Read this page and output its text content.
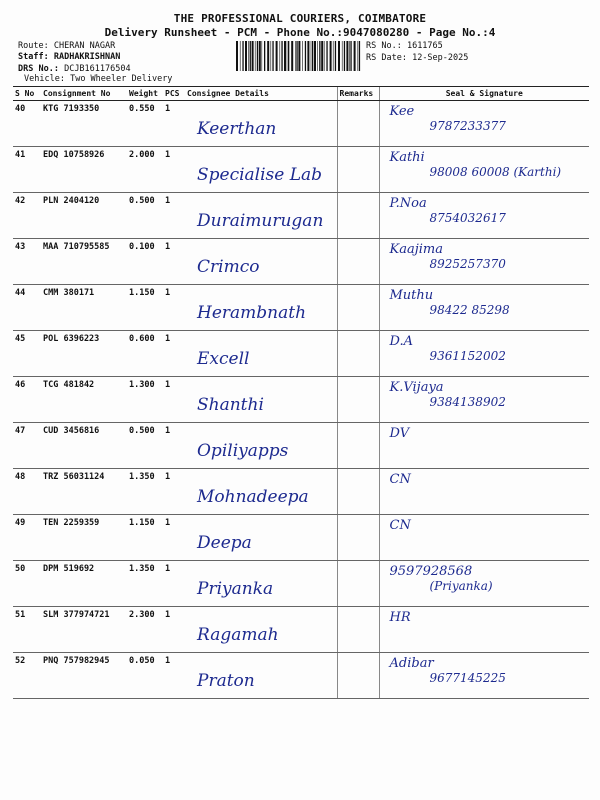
THE PROFESSIONAL COURIERS, COIMBATORE
Delivery Runsheet - PCM - Phone No.:9047080280 - Page No.:4
Route: CHERAN NAGAR
Staff: RADHAKRISHNAN
DRS No.: DCJB161176504
Vehicle: Two Wheeler Delivery
RS No.: 1611765
RS Date: 12-Sep-2025
S No	Consignment No	Weight	PCS	Consignee Details	Remarks	Seal & Signature
40	KTG 7193350	0.550	1	Keerthan		Kee
9787233377

41	EDQ 10758926	2.000	1	Specialise Lab		Kathi
98008 60008 (Karthi)

42	PLN 2404120	0.500	1	Duraimurugan		P.Noa
8754032617

43	MAA 710795585	0.100	1	Crimco		Kaajima
8925257370

44	CMM 380171	1.150	1	Herambnath		Muthu
98422 85298

45	POL 6396223	0.600	1	Excell		D.A
9361152002

46	TCG 481842	1.300	1	Shanthi		K.Vijaya
9384138902

47	CUD 3456816	0.500	1	Opiliyapps		DV

48	TRZ 56031124	1.350	1	Mohnadeepa		CN

49	TEN 2259359	1.150	1	Deepa		CN

50	DPM 519692	1.350	1	Priyanka		9597928568
(Priyanka)

51	SLM 377974721	2.300	1	Ragamah		HR

52	PNQ 757982945	0.050	1	Praton		Adibar
9677145225
